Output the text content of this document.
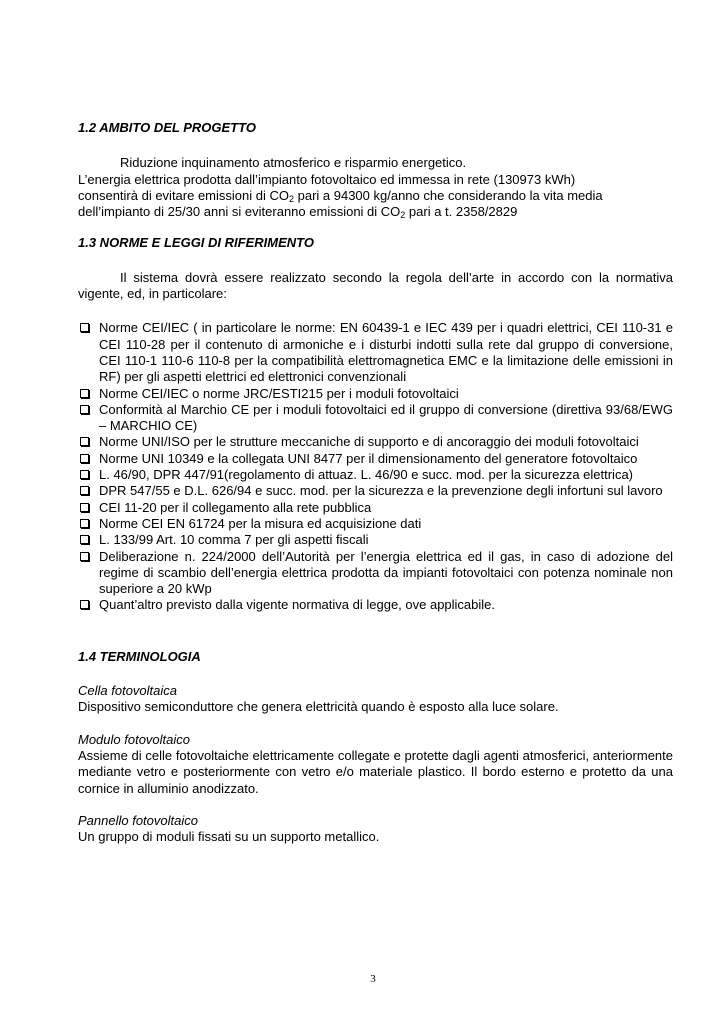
1.2 AMBITO DEL PROGETTO

Riduzione inquinamento atmosferico e risparmio energetico.

L’energia elettrica prodotta dall’impianto fotovoltaico ed immessa in rete (130973 kWh)

consentirà di evitare emissioni di $CO_2$ pari a 94300 kg/anno che considerando la vita media

dell’impianto di 25/30 anni si eviteranno emissioni di $CO_2$ pari a t. 2358/2829

1.3 NORME E LEGGI DI RIFERIMENTO

Il sistema dovrà essere realizzato secondo la regola dell’arte in accordo con la normativa vigente, ed, in particolare:

Norme CEI/IEC ( in particolare le norme: EN 60439-1 e IEC 439 per i quadri elettrici, CEI 110-31 e CEI 110-28 per il contenuto di armoniche e i disturbi indotti sulla rete dal gruppo di conversione, CEI 110-1 110-6 110-8 per la compatibilità elettromagnetica EMC e la limitazione delle emissioni in RF) per gli aspetti elettrici ed elettronici convenzionali
Norme CEI/IEC o norme JRC/ESTI215 per i moduli fotovoltaici
Conformità al Marchio CE per i moduli fotovoltaici ed il gruppo di conversione (direttiva 93/68/EWG – MARCHIO CE)
Norme UNI/ISO per le strutture meccaniche di supporto e di ancoraggio dei moduli fotovoltaici
Norme UNI 10349 e la collegata UNI 8477 per il dimensionamento del generatore fotovoltaico
L. 46/90, DPR 447/91(regolamento di attuaz. L. 46/90 e succ. mod. per la sicurezza elettrica)
DPR 547/55 e D.L. 626/94 e succ. mod. per la sicurezza e la prevenzione degli infortuni sul lavoro
CEI 11-20 per il collegamento alla rete pubblica
Norme CEI EN 61724 per la misura ed acquisizione dati
L. 133/99 Art. 10 comma 7 per gli aspetti fiscali
Deliberazione n. 224/2000 dell’Autorità per l’energia elettrica ed il gas, in caso di adozione del regime di scambio dell’energia elettrica prodotta da impianti fotovoltaici con potenza nominale non superiore a 20 kWp
Quant’altro previsto dalla vigente normativa di legge, ove applicabile.

1.4 TERMINOLOGIA

Cella fotovoltaica

Dispositivo semiconduttore che genera elettricità quando è esposto alla luce solare.

Modulo fotovoltaico

Assieme di celle fotovoltaiche elettricamente collegate e protette dagli agenti atmosferici, anteriormente mediante vetro e posteriormente con vetro e/o materiale plastico. Il bordo esterno e protetto da una cornice in alluminio anodizzato.

Pannello fotovoltaico

Un gruppo di moduli fissati su un supporto metallico.

3
